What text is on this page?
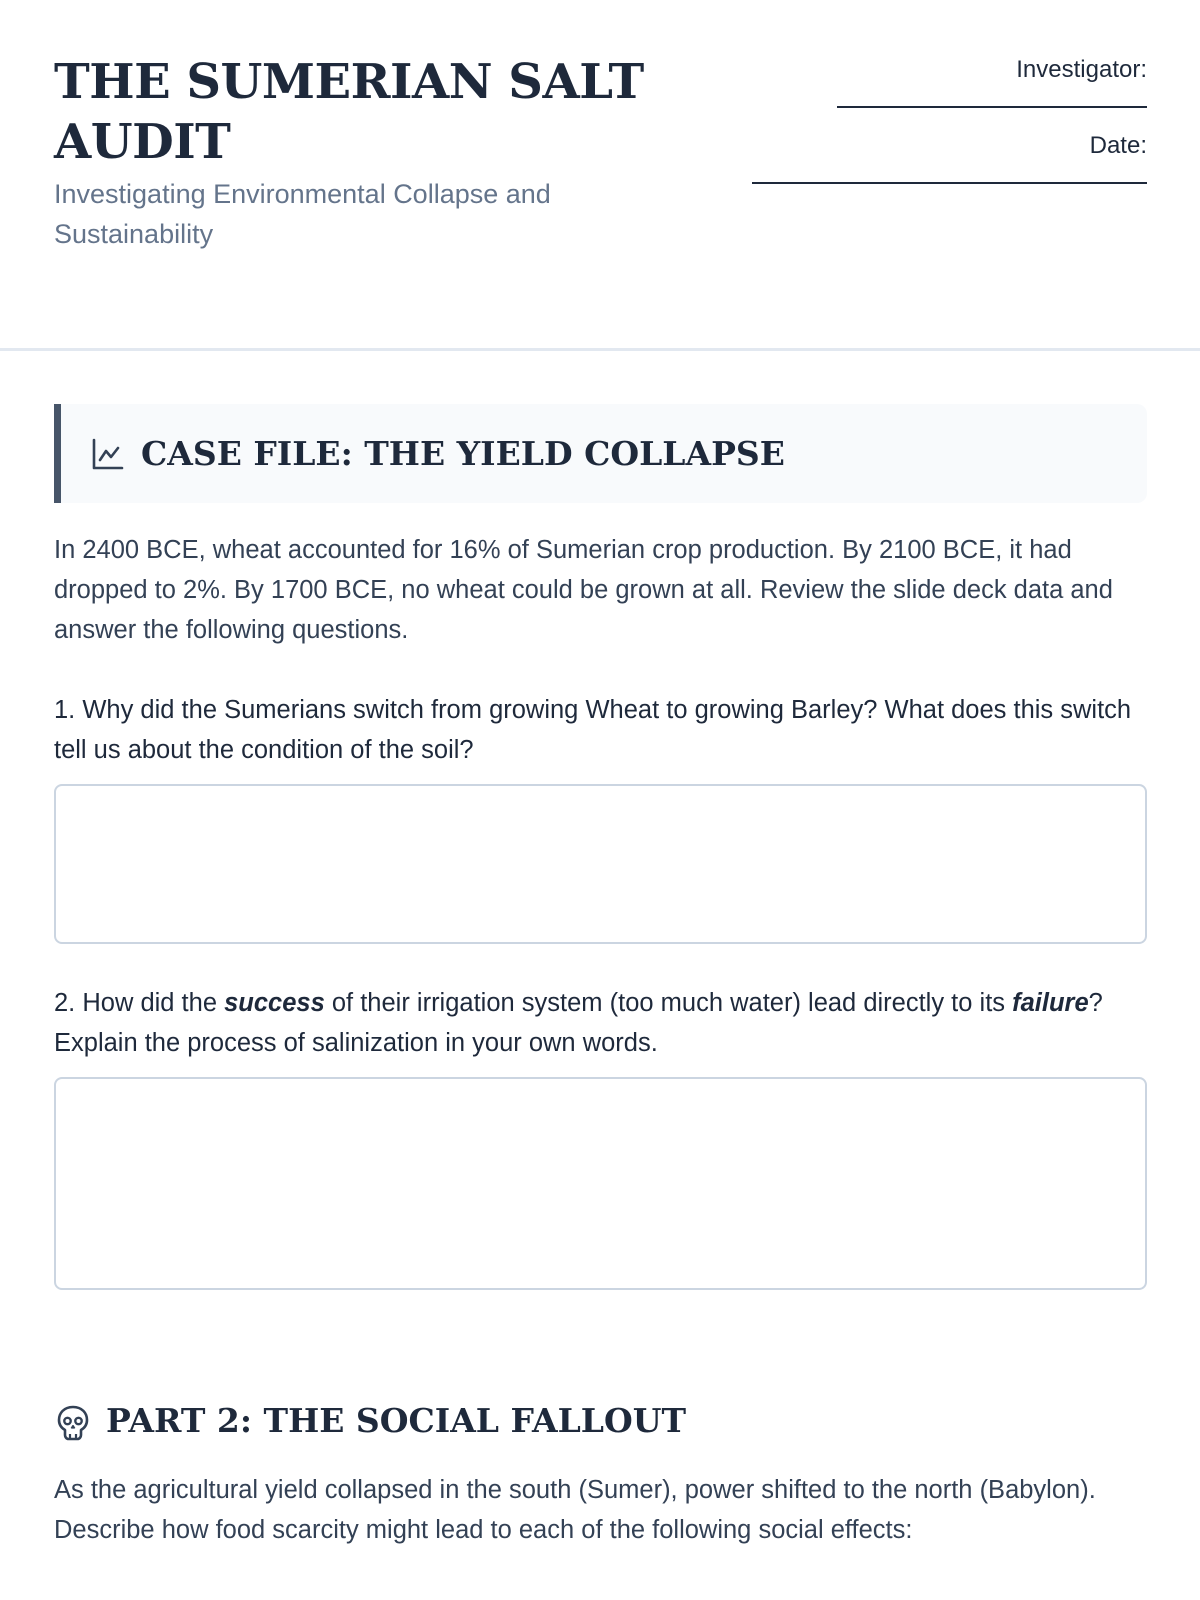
THE SUMERIAN SALT AUDIT

Investigating Environmental Collapse and Sustainability

Investigator:
Date:
CASE FILE: THE YIELD COLLAPSE

In 2400 BCE, wheat accounted for 16% of Sumerian crop production. By 2100 BCE, it had dropped to 2%. By 1700 BCE, no wheat could be grown at all. Review the slide deck data and answer the following questions.

1. Why did the Sumerians switch from growing Wheat to growing Barley? What does this switch tell us about the condition of the soil?

2. How did the success of their irrigation system (too much water) lead directly to its failure? Explain the process of salinization in your own words.

PART 2: THE SOCIAL FALLOUT

As the agricultural yield collapsed in the south (Sumer), power shifted to the north (Babylon). Describe how food scarcity might lead to each of the following social effects:
